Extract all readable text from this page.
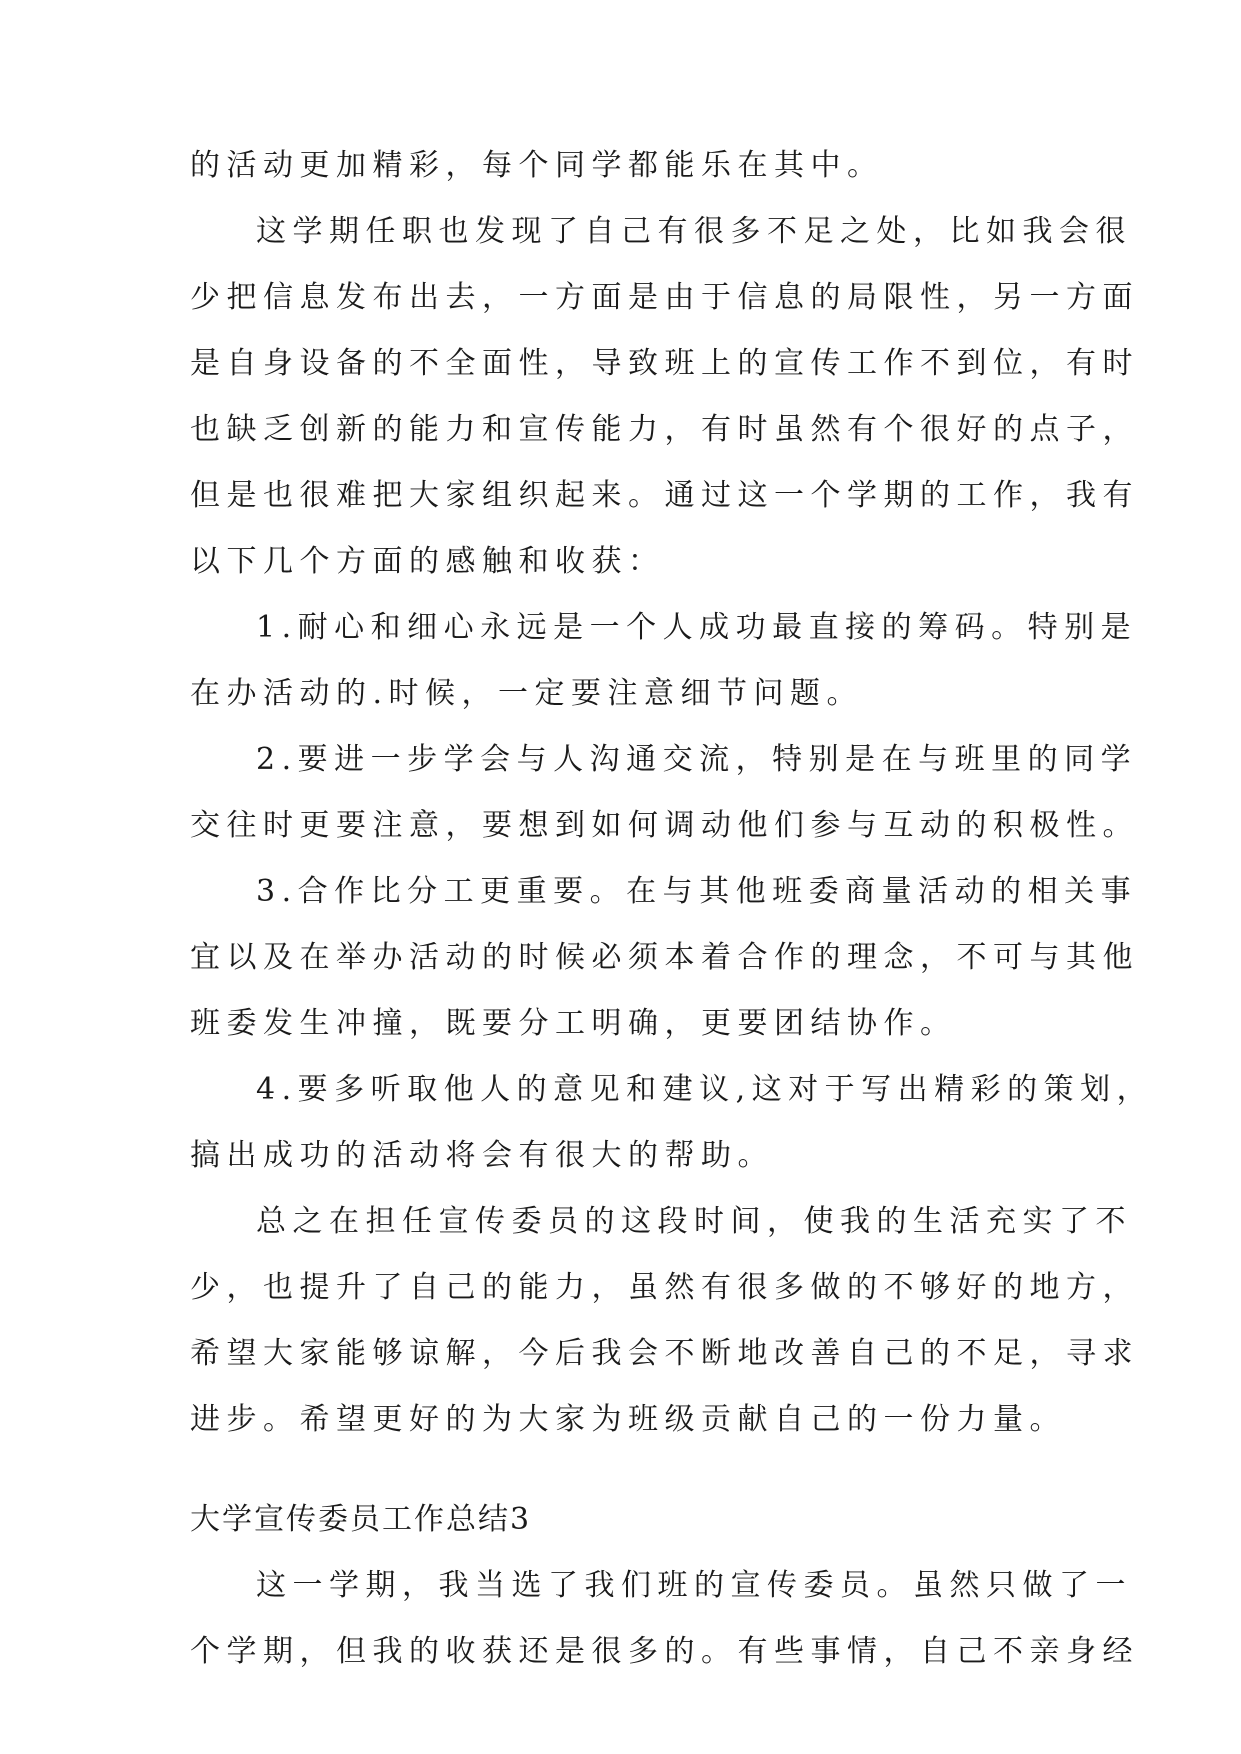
的活动更加精彩，每个同学都能乐在其中。
这学期任职也发现了自己有很多不足之处，比如我会很
少把信息发布出去，一方面是由于信息的局限性，另一方面
是自身设备的不全面性，导致班上的宣传工作不到位，有时
也缺乏创新的能力和宣传能力，有时虽然有个很好的点子，
但是也很难把大家组织起来。通过这一个学期的工作，我有
以下几个方面的感触和收获：
1.耐心和细心永远是一个人成功最直接的筹码。特别是
在办活动的.时候，一定要注意细节问题。
2.要进一步学会与人沟通交流，特别是在与班里的同学
交往时更要注意，要想到如何调动他们参与互动的积极性。
3.合作比分工更重要。在与其他班委商量活动的相关事
宜以及在举办活动的时候必须本着合作的理念，不可与其他
班委发生冲撞，既要分工明确，更要团结协作。
4.要多听取他人的意见和建议,这对于写出精彩的策划，
搞出成功的活动将会有很大的帮助。
总之在担任宣传委员的这段时间，使我的生活充实了不
少，也提升了自己的能力，虽然有很多做的不够好的地方，
希望大家能够谅解，今后我会不断地改善自己的不足，寻求
进步。希望更好的为大家为班级贡献自己的一份力量。
大学宣传委员工作总结3
这一学期，我当选了我们班的宣传委员。虽然只做了一
个学期，但我的收获还是很多的。有些事情，自己不亲身经
